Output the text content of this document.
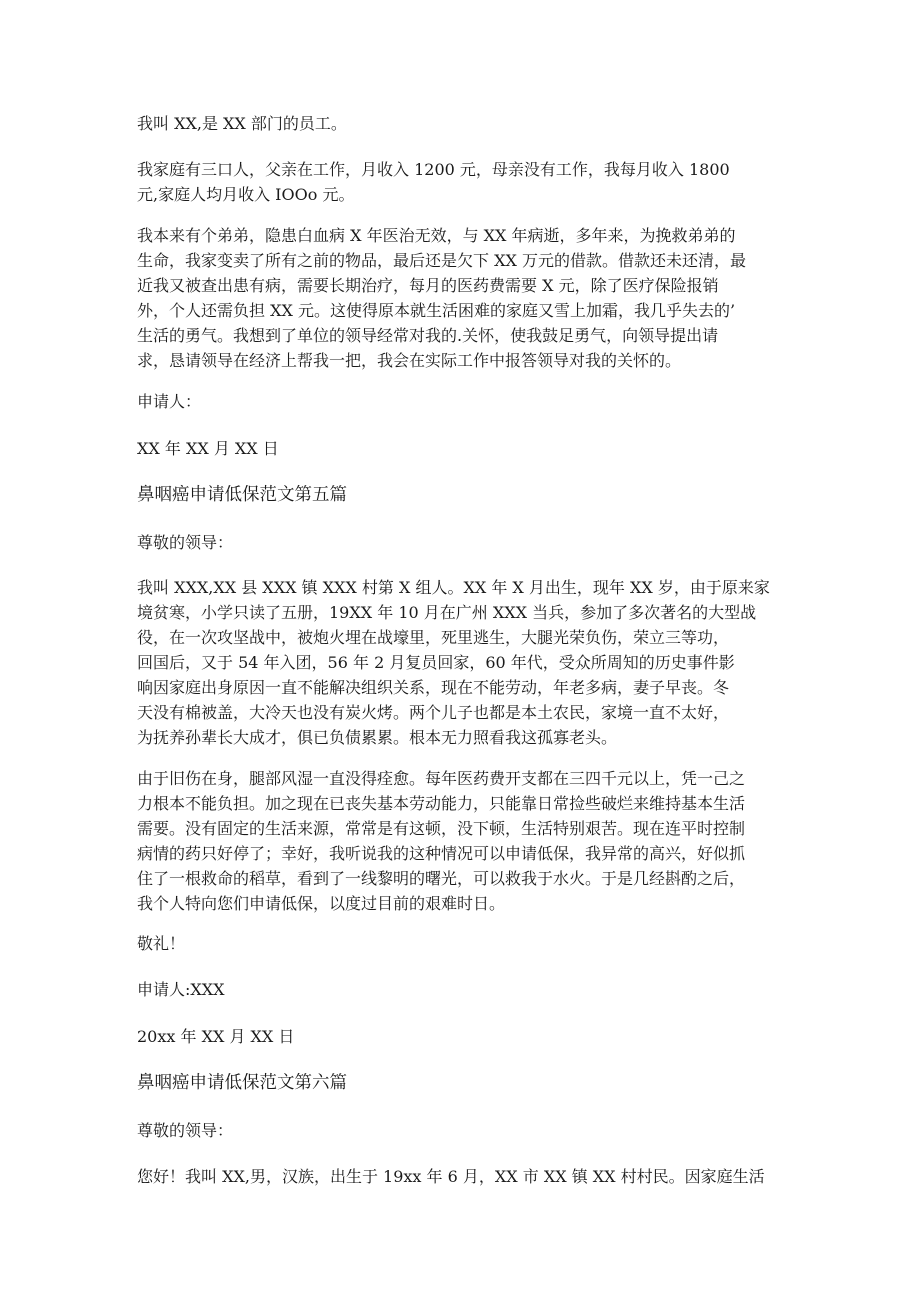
我叫 XX,是 XX 部门的员工。
我家庭有三口人，父亲在工作，月收入 1200 元，母亲没有工作，我每月收入 1800
元,家庭人均月收入 IOOo 元。
我本来有个弟弟，隐患白血病 X 年医治无效，与 XX 年病逝，多年来，为挽救弟弟的
生命，我家变卖了所有之前的物品，最后还是欠下 XX 万元的借款。借款还未还清，最
近我又被查出患有病，需要长期治疗，每月的医药费需要 X 元，除了医疗保险报销
外，个人还需负担 XX 元。这使得原本就生活困难的家庭又雪上加霜，我几乎失去的’
生活的勇气。我想到了单位的领导经常对我的.关怀，使我鼓足勇气，向领导提出请
求，恳请领导在经济上帮我一把，我会在实际工作中报答领导对我的关怀的。
申请人：
XX 年 XX 月 XX 日
鼻咽癌申请低保范文第五篇
尊敬的领导：
我叫 XXX,XX 县 XXX 镇 XXX 村第 X 组人。XX 年 X 月出生，现年 XX 岁，由于原来家
境贫寒，小学只读了五册，19XX 年 10 月在广州 XXX 当兵，参加了多次著名的大型战
役，在一次攻坚战中，被炮火埋在战壕里，死里逃生，大腿光荣负伤，荣立三等功，
回国后，又于 54 年入团，56 年 2 月复员回家，60 年代，受众所周知的历史事件影
响因家庭出身原因一直不能解决组织关系，现在不能劳动，年老多病，妻子早丧。冬
天没有棉被盖，大冷天也没有炭火烤。两个儿子也都是本土农民，家境一直不太好，
为抚养孙辈长大成才，俱已负债累累。根本无力照看我这孤寡老头。
由于旧伤在身，腿部风湿一直没得痊愈。每年医药费开支都在三四千元以上，凭一己之
力根本不能负担。加之现在已丧失基本劳动能力，只能靠日常捡些破烂来维持基本生活
需要。没有固定的生活来源，常常是有这顿，没下顿，生活特别艰苦。现在连平时控制
病情的药只好停了；幸好，我听说我的这种情况可以申请低保，我异常的高兴，好似抓
住了一根救命的稻草，看到了一线黎明的曙光，可以救我于水火。于是几经斟酌之后，
我个人特向您们申请低保，以度过目前的艰难时日。
敬礼！
申请人:XXX
20xx 年 XX 月 XX 日
鼻咽癌申请低保范文第六篇
尊敬的领导：
您好！我叫 XX,男，汉族，出生于 19xx 年 6 月，XX 市 XX 镇 XX 村村民。因家庭生活
